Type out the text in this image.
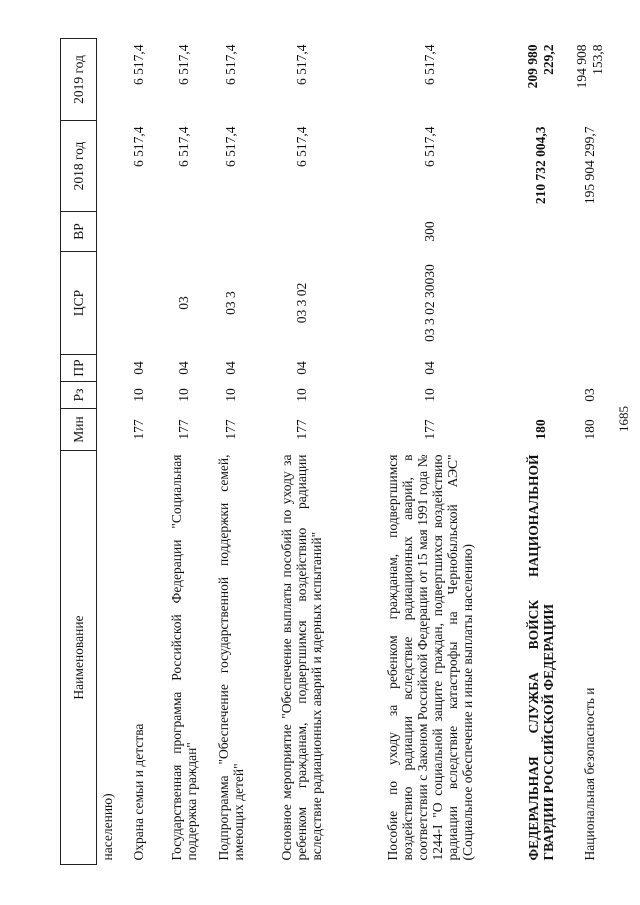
1685
Наименование	Мин	Рз	ПР	ЦСР	ВР	2018 год	2019 год
населению)							
Охрана семьи и детства	177	10	04			6 517,4	6 517,4
Государственная программа Российской Федерации "Социальная поддержка граждан"	177	10	04	03		6 517,4	6 517,4
Подпрограмма "Обеспечение государственной поддержки семей, имеющих детей"	177	10	04	03 3		6 517,4	6 517,4
Основное мероприятие "Обеспечение выплаты пособий по уходу за ребенком гражданам, подвергшимся воздействию радиации вследствие радиационных аварий и ядерных испытаний"	177	10	04	03 3 02		6 517,4	6 517,4
Пособие по уходу за ребенком гражданам, подвергшимся воздействию радиации вследствие радиационных аварий, в соответствии с Законом Российской Федерации от 15 мая 1991 года № 1244-I "О социальной защите граждан, подвергшихся воздействию радиации вследствие катастрофы на Чернобыльской АЭС" (Социальное обеспечение и иные выплаты населению)	177	10	04	03 3 02 30030	300	6 517,4	6 517,4
ФЕДЕРАЛЬНАЯ СЛУЖБА ВОЙСК НАЦИОНАЛЬНОЙ ГВАРДИИ РОССИЙСКОЙ ФЕДЕРАЦИИ	180					210 732 004,3	209 980 229,2
Национальная безопасность и	180	03				195 904 299,7	194 908 153,8
